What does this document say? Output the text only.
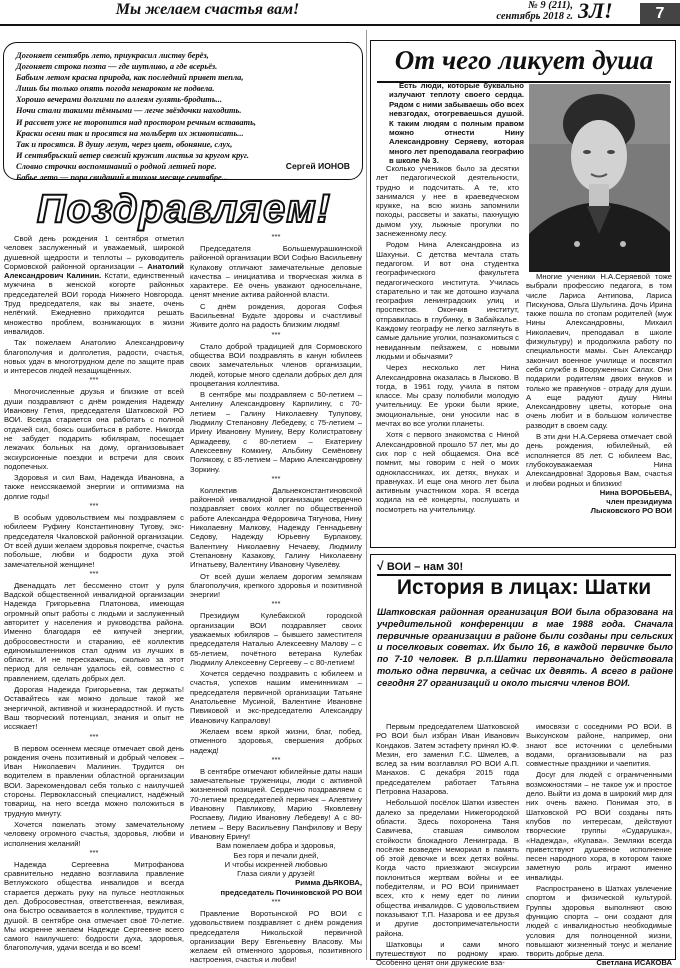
Мы желаем счастья вам!	№ 9 (211),
сентябрь 2018 г. 3Л!	7
Догоняет сентябрь лето, приукрасил листву берёз,
Догоняет строка поэта — где шутливо, а где всерьёз.
Бабьим летом красна природа, как последний привет тепла,
Лишь бы только опять погода ненароком не подвела.
Хорошо вечерами долгими по аллеям гулять-бродить...
Ночи стали такими тёмными — легче звёздочки находить.
И рассвет уже не торопится над простором речным вставать,
Краски осени так и просятся на мольберт их живописать...
Так и просятся. В душу лезут, через цвет, обоняние, слух,
И сентябрьский ветер свежий кружит листья за кругом круг.
Словно строчки воспоминаний о родной летней поре.
Бабье лето — пора свиданий в тихом месяце сентябре...
Сергей ИОНОВ
Поздравляем!

Свой день рождения 1 сентября отметил человек заслуженный и уважаемый, широкой душевной щедрости и теплоты – руководитель Сормовской районной организации – Анатолий Александрович Калинин. Кстати, единственный мужчина в женской когорте районных председателей ВОИ города Нижнего Новгорода. Труд председателя, как вы знаете, очень нелёгкий. Ежедневно приходится решать множество проблем, возникающих в жизни инвалидов.

Так пожелаем Анатолию Александровичу благополучия и долголетия, радости, счастья, новых удач в многотрудном деле по защите прав и интересов людей незащищённых.

***

Многочисленные друзья и близкие от всей души поздравляют с днём рождения Надежду Ивановну Гетия, председателя Шатковской РО ВОИ. Всегда старается она работать с полной отдачей сил, боясь ошибиться в работе. Никогда не забудет подарить юбилярам, посещает лежачих больных на дому, организовывает экскурсионные поездки и встречи для своих подопечных.

Здоровья и сил Вам, Надежда Ивановна, а также неиссякаемой энергии и оптимизма на долгие годы!

***

В особым удовольствием мы поздравляем с юбилеем Руфину Константиновну Тугову, экс-председателя Чкаловской районной организации. От всей души желаем здоровья покрепче, счастья побольше, любви и бодрости духа этой замечательной женщине!

***

Двенадцать лет бессменно стоит у руля Вадской общественной инвалидной организации Надежда Григорьевна Платонова, имеющая огромный опыт работы с людьми и заслуженный авторитет у населения и руководства района. Именно благодаря её кипучей энергии, добросовестности и старанию, её коллектив единомышленников стал одним из лучших в области. И не перескажешь, сколько за этот период для сельчан удалось ей, совместно с правлением, сделать добрых дел.

Дорогая Надежда Григорьевна, так держать! Оставайтесь как можно дольше такой же энергичной, активной и жизнерадостной. И пусть Ваш творческий потенциал, знания и опыт не иссякает!

***

В первом осеннем месяце отмечает свой день рождения очень позитивный и добрый человек – Иван Николаевич Малинин. Трудится он водителем в правлении областной организации ВОИ. Зарекомендовал себя только с наилучшей стороны. Первоклассный специалист, надёжный товарищ, на него всегда можно положиться в трудную минуту.

Хочется пожелать этому замечательному человеку огромного счастья, здоровья, любви и исполнения желаний!

***

Надежда Сергеевна Митрофанова сравнительно недавно возглавила правление Ветлужского общества инвалидов и всегда старается держать руку на пульсе неотложных дел. Добросовестная, ответственная, вежливая, она быстро осваивается в коллективе, трудится с душой. В сентябре она отмечает своё 70-летие. Мы искренне желаем Надежде Сергеевне всего самого наилучшего: бодрости духа, здоровья, благополучия, удачи всегда и во всем!

***

Председателя Большемурашкинской районной организации ВОИ Софью Васильевну Кулакову отличают замечательные деловые качества – инициатива и творческая жилка в характере. Её очень уважают односельчане, ценят мнение актива районной власти.

С днём рождения, дорогая Софья Васильевна! Будьте здоровы и счастливы! Живите долго на радость близким людям!

***

Стало доброй традицией для Сормовского общества ВОИ поздравлять в канун юбилеев своих замечательных членов организации, людей, которые много сделали добрых дел для процветания коллектива.

В сентябре мы поздравляем с 50-летием – Ангелину Александровну Карпилину, с 70-летием – Галину Николаевну Тулупову, Людмилу Степановну Лебедеву, с 75-летием – Ирину Ивановну Мунину, Веру Колистратовну Аржадееву, с 80-летием – Екатерину Алексеевну Комкину, Альбину Семёновну Полякову, с 85-летием – Марию Александровну Зоркину.

***

Коллектив Дальнеконстантиновской районной инвалидной организации сердечно поздравляет своих коллег по общественной работе Александра Фёдоровича Тягунова, Нину Николаевну Малкову, Надежду Геннадьевну Седову, Надежду Юрьевну Бурлакову, Валентину Николаевну Нечаеву, Людмилу Степановну Казакову, Галину Николаевну Игнатьеву, Валентину Ивановну Чувелёву.

От всей души желаем дорогим землякам благополучия, крепкого здоровья и позитивной энергии!

***

Президиум Кулебакской городской организации ВОИ поздравляет своих уважаемых юбиляров – бывшего заместителя председателя Наталью Алексеевну Малову – с 65-летием, почётного ветерана Кулебак Людмилу Алексеевну Сергееву – с 80-летием!

Хочется сердечно поздравить с юбилеем и счастья, успехов нашим именинникам – председателя первичной организации Татьяне Анатольевне Мусиной, Валентине Ивановне Пивиковой и экс-председателю Александру Ивановичу Капралову!

Желаем всем яркой жизни, благ, побед, отменного здоровья, свершения добрых надежд!

***

В сентябре отмечают юбилейные даты наши замечательные труженицы, люди с активной жизненной позицией. Сердечно поздравляем с 70-летием председателей первичек – Алевтину Ивановну Павликову, Марию Яковлевну Роспаеву, Лидию Ивановну Лебедеву! А с 80-летием – Веру Васильевну Панфилову и Веру Ивановну Ерину!

Вам пожелаем добра и здоровья,
Без горя и печали дней,
И чтобы искренней любовью
Глаза сияли у друзей!
Римма ДЬЯКОВА,
председатель Починковской РО ВОИ
***

Правление Воротынской РО ВОИ с удовольствием поздравляет с днём рождения председателя Никольской первичной организации Веру Евгеньевну Власову. Мы желаем ей отменного здоровья, позитивного настроения, счастья и любви!

От чего ликует душа

Есть люди, которые буквально излучают теплоту своего сердца. Рядом с ними забываешь обо всех невзгодах, отогреваешься душой. К таким людям с полным правом можно отнести Нину Александровну Серяеву, которая много лет преподавала географию в школе № 3.

Сколько учеников было за десятки лет педагогической деятельности, трудно и подсчитать. А те, кто занимался у нее в краеведческом кружке, на всю жизнь запомнили походы, рассветы и закаты, пахнущую дымом уху, лыжные прогулки по заснеженному лесу.

Родом Нина Александровна из Шахуньи. С детства мечтала стать педагогом. И вот она студентка географического факультета педагогического института. Училась старательно и так же дотошно изучала география ленинградских улиц и проспектов. Окончив институт, отправилась в глубинку, в Забайкалье. Каждому географу не легко заглянуть в самые дальние уголки, познакомиться с невиданным пейзажем, с новыми людьми и обычаями?

Через несколько лет Нина Александровна оказалась в Лысково. В тогда, в 1961 году, учила в пятом классе. Мы сразу полюбили молодую учительницу. Ее уроки были яркие, эмоциональные, они уносили нас в мечтах во все уголки планеты.

Хотя с первого знакомства с Ниной Александровной прошло 57 лет, мы до сих пор с ней общаемся. Она всё помнит, мы говорим с ней о моих одноклассниках, их детях, внуках и правнуках. И еще она много лет была активным участником хора. Я всегда ходила на её концерты, послушать и посмотреть на учительницу.

Многие ученики Н.А.Серяевой тоже выбрали профессию педагога, в том числе Лариса Антипова, Лариса Пискунова, Ольга Шульгина. Дочь Ирина также пошла по стопам родителей (муж Нины Александровны, Михаил Николаевич, преподавал в школе физкультуру) и продолжила работу по специальности мамы. Сын Александр закончил военное училище и посвятил себя службе в Вооруженных Силах. Они подарили родителям двоих внуков и только же правнуков - отраду для души. А еще радуют душу Нины Александровну цветы, которые она очень любит и в большом количестве разводит в своем саду.

В эти дни Н.А.Серяева отмечает свой день рождения, юбилейный, ей исполняется 85 лет. С юбилеем Вас, глубокоуважаемая Нина Александровна! Здоровья Вам, счастья и любви родных и близких!

Нина ВОРОБЬЕВА,
член президиума
Лысковского РО ВОИ
√ ВОИ – нам 30!
История в лицах: Шатки
Шатковская районная организация ВОИ была образована на учредительной конференции в мае 1988 года. Сначала первичные организации в районе были созданы при сельских и поселковых советах. Их было 16, в каждой первичке было по 7-10 человек. В р.п.Шатки первоначально действовала только одна первичка, а сейчас их девять. А всего в районе сегодня 27 организаций и около тысячи членов ВОИ.

Первым председателем Шатковской РО ВОИ был избран Иван Иванович Кондаков. Затем эстафету принял Ю.Ф. Мезин, его заменил Г.С. Шмелев, а вслед за ним возглавлял РО ВОИ А.П. Манахов. С декабря 2015 года председателем работает Татьяна Петровна Назарова.

Небольшой посёлок Шатки известен далеко за пределами Нижегородской области. Здесь похоронена Таня Савичева, ставшая символом стойкости блокадного Ленинграда. В посёлке возведен мемориал в память об этой девочке и всех детях войны. Когда часто приезжают экскурсии поклониться жертвам войны и ее победителям, и РО ВОИ принимает всех, кто к нему едет по линии общества инвалидов. С удовольствием показывают Т.П. Назарова и ее друзья и другие достопримечательности района.

Шатковцы и сами много путешествуют по родному краю. Особенно ценят они дружеские вза-

имосвязи с соседними РО ВОИ. В Выксунском районе, например, они знают все источники с целебными водами, организовывали на раз совместные праздники и чаепития.

Досуг для людей с ограниченными возможностями – не такое уж и простое дело. Выйти из дома в широкий мир для них очень важно. Понимая это, в Шатковской РО ВОИ созданы пять клубов по интересам, действуют творческие группы «Сударушка», «Надежда», «Купава». Земляки всегда приветствуют душевное исполнение песен народного хора, в котором также заметную роль играют именно инвалиды.

Распространено в Шатках увлечение спортом и физической культурой. Группы здоровья выполняют свою функцию спорта – они создают для людей с инвалидностью необходимые условия для полноценной жизни, повышают жизненный тонус и желание творить добрые дела.

Светлана ИСАКОВА
